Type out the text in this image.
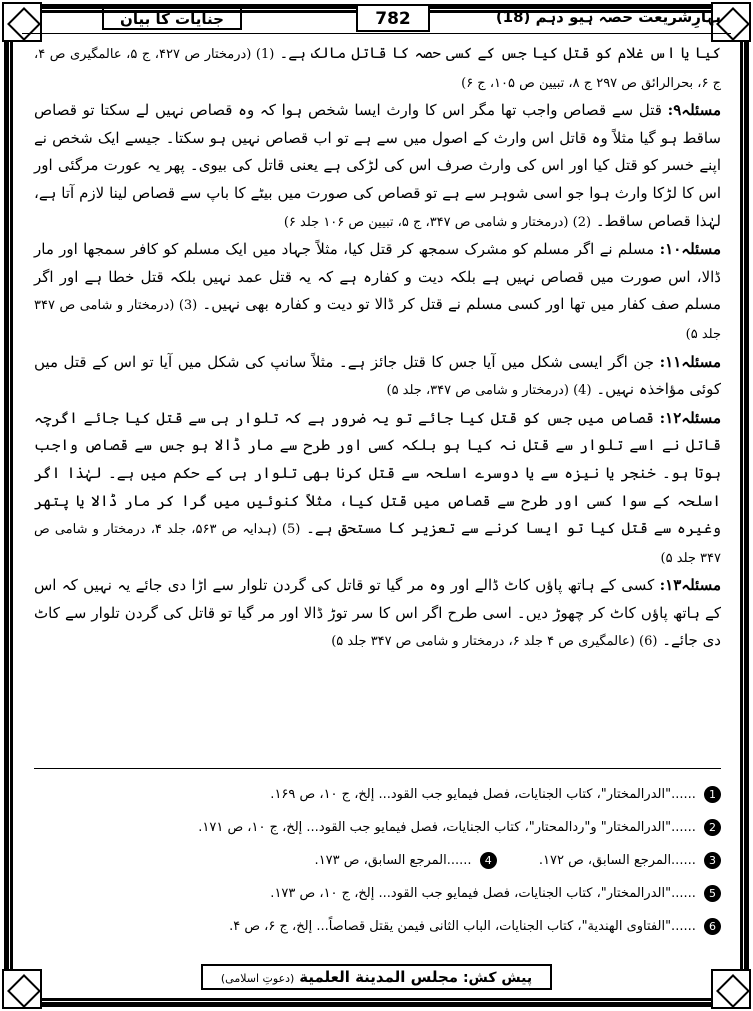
بہارِشریعت حصہ ہیو دہم (18)
782
جنایات کا بیان

کیا یا اس غلام کو قتل کیا جس کے کسی حصہ کا قاتل مالک ہے۔ (1) (درمختار ص ۴۲۷، ج ۵، عالمگیری ص ۴، ج ۶، بحرالرائق ص ۲۹۷ ج ۸، تبیین ص ۱۰۵، ج ۶)

مسئلہ۹: قتل سے قصاص واجب تھا مگر اس کا وارث ایسا شخص ہوا کہ وہ قصاص نہیں لے سکتا تو قصاص ساقط ہو گیا مثلاً وہ قاتل اس وارث کے اصول میں سے ہے تو اب قصاص نہیں ہو سکتا۔ جیسے ایک شخص نے اپنے خسر کو قتل کیا اور اس کی وارث صرف اس کی لڑکی ہے یعنی قاتل کی بیوی۔ پھر یہ عورت مرگئی اور اس کا لڑکا وارث ہوا جو اسی شوہر سے ہے تو قصاص کی صورت میں بیٹے کا باپ سے قصاص لینا لازم آتا ہے، لہٰذا قصاص ساقط۔ (2) (درمختار و شامی ص ۳۴۷، ج ۵، تبیین ص ۱۰۶ جلد ۶)

مسئلہ۱۰: مسلم نے اگر مسلم کو مشرک سمجھ کر قتل کیا، مثلاً جہاد میں ایک مسلم کو کافر سمجھا اور مار ڈالا، اس صورت میں قصاص نہیں ہے بلکہ دیت و کفارہ ہے کہ یہ قتل عمد نہیں بلکہ قتل خطا ہے اور اگر مسلم صف کفار میں تھا اور کسی مسلم نے قتل کر ڈالا تو دیت و کفارہ بھی نہیں۔ (3) (درمختار و شامی ص ۳۴۷ جلد ۵)

مسئلہ۱۱: جن اگر ایسی شکل میں آیا جس کا قتل جائز ہے۔ مثلاً سانپ کی شکل میں آیا تو اس کے قتل میں کوئی مؤاخذہ نہیں۔ (4) (درمختار و شامی ص ۳۴۷، جلد ۵)

مسئلہ۱۲: قصاص میں جس کو قتل کیا جائے تو یہ ضرور ہے کہ تلوار ہی سے قتل کیا جائے اگرچہ قاتل نے اسے تلوار سے قتل نہ کیا ہو بلکہ کسی اور طرح سے مار ڈالا ہو جس سے قصاص واجب ہوتا ہو۔ خنجر یا نیزہ سے یا دوسرے اسلحہ سے قتل کرنا بھی تلوار ہی کے حکم میں ہے۔ لہٰذا اگر اسلحہ کے سوا کسی اور طرح سے قصاص میں قتل کیا، مثلاً کنوئیں میں گرا کر مار ڈالا یا پتھر وغیرہ سے قتل کیا تو ایسا کرنے سے تعزیر کا مستحق ہے۔ (5) (ہدایہ ص ۵۶۳، جلد ۴، درمختار و شامی ص ۳۴۷ جلد ۵)

مسئلہ۱۳: کسی کے ہاتھ پاؤں کاٹ ڈالے اور وہ مر گیا تو قاتل کی گردن تلوار سے اڑا دی جائے یہ نہیں کہ اس کے ہاتھ پاؤں کاٹ کر چھوڑ دیں۔ اسی طرح اگر اس کا سر توڑ ڈالا اور مر گیا تو قاتل کی گردن تلوار سے کاٹ دی جائے۔ (6) (عالمگیری ص ۴ جلد ۶، درمختار و شامی ص ۳۴۷ جلد ۵)

1 ......"الدرالمختار"، کتاب الجنایات، فصل فیمایو جب القود... إلخ، ج ۱۰، ص ۱۶۹.
2 ......"الدرالمختار" و"ردالمحتار"، کتاب الجنایات، فصل فیمایو جب القود... إلخ، ج ۱۰، ص ۱۷۱.
3 ......المرجع السابق، ص ۱۷۲. 4 ......المرجع السابق، ص ۱۷۳.
5 ......"الدرالمختار"، کتاب الجنایات، فصل فیمایو جب القود... إلخ، ج ۱۰، ص ۱۷۳.
6 ......"الفتاوی الهندیة"، کتاب الجنایات، الباب الثانی فیمن یقتل قصاصاً... إلخ، ج ۶، ص ۴.
پیش کش: مجلس المدینة العلمیة (دعوتِ اسلامی)
